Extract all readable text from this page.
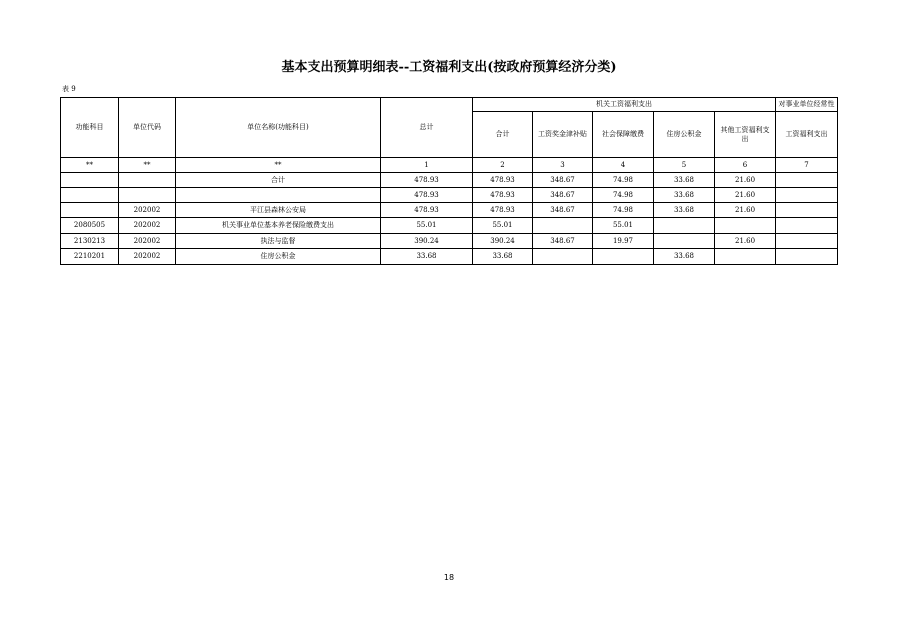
基本支出预算明细表--工资福利支出(按政府预算经济分类)
表 9
功能科目	单位代码	单位名称(功能科目)	总计	机关工资福利支出					对事业单位经常性
				合计	工资奖金津补贴	社会保障缴费	住房公积金	其他工资福利支出	工资福利支出
**	**	**	1	2	3	4	5	6	7
		合计	478.93	478.93	348.67	74.98	33.68	21.60	
			478.93	478.93	348.67	74.98	33.68	21.60	
	202002	平江县森林公安局	478.93	478.93	348.67	74.98	33.68	21.60	
2080505	202002	机关事业单位基本养老保险缴费支出	55.01	55.01		55.01			
2130213	202002	执法与监督	390.24	390.24	348.67	19.97		21.60	
2210201	202002	住房公积金	33.68	33.68			33.68		
18
